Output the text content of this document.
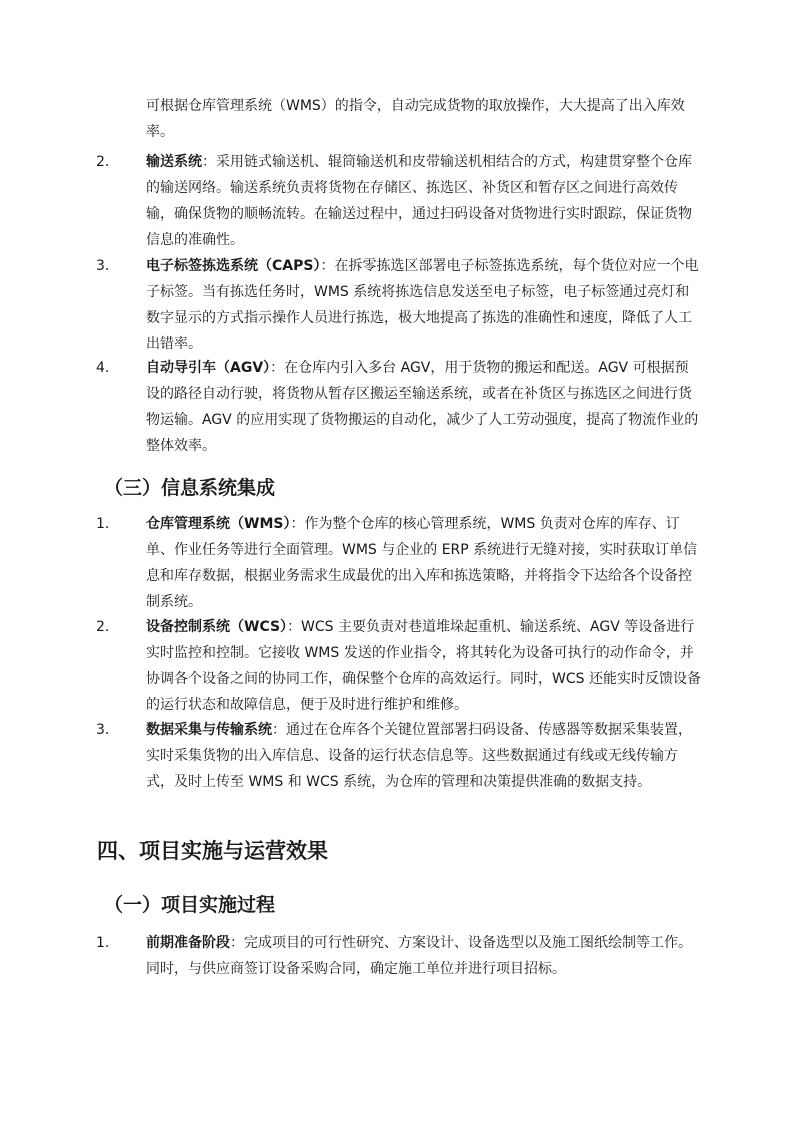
可根据仓库管理系统（WMS）的指令，自动完成货物的取放操作，大大提高了出入库效率。

2.	输送系统：采用链式输送机、辊筒输送机和皮带输送机相结合的方式，构建贯穿整个仓库的输送网络。输送系统负责将货物在存储区、拣选区、补货区和暂存区之间进行高效传输，确保货物的顺畅流转。在输送过程中，通过扫码设备对货物进行实时跟踪，保证货物信息的准确性。

3.	电子标签拣选系统（CAPS）：在拆零拣选区部署电子标签拣选系统，每个货位对应一个电子标签。当有拣选任务时，WMS 系统将拣选信息发送至电子标签，电子标签通过亮灯和数字显示的方式指示操作人员进行拣选，极大地提高了拣选的准确性和速度，降低了人工出错率。

4.	自动导引车（AGV）：在仓库内引入多台 AGV，用于货物的搬运和配送。AGV 可根据预设的路径自动行驶，将货物从暂存区搬运至输送系统，或者在补货区与拣选区之间进行货物运输。AGV 的应用实现了货物搬运的自动化，减少了人工劳动强度，提高了物流作业的整体效率。

（三）信息系统集成

1.	仓库管理系统（WMS）：作为整个仓库的核心管理系统，WMS 负责对仓库的库存、订单、作业任务等进行全面管理。WMS 与企业的 ERP 系统进行无缝对接，实时获取订单信息和库存数据，根据业务需求生成最优的出入库和拣选策略，并将指令下达给各个设备控制系统。

2.	设备控制系统（WCS）：WCS 主要负责对巷道堆垛起重机、输送系统、AGV 等设备进行实时监控和控制。它接收 WMS 发送的作业指令，将其转化为设备可执行的动作命令，并协调各个设备之间的协同工作，确保整个仓库的高效运行。同时，WCS 还能实时反馈设备的运行状态和故障信息，便于及时进行维护和维修。

3.	数据采集与传输系统：通过在仓库各个关键位置部署扫码设备、传感器等数据采集装置，实时采集货物的出入库信息、设备的运行状态信息等。这些数据通过有线或无线传输方式，及时上传至 WMS 和 WCS 系统，为仓库的管理和决策提供准确的数据支持。

四、项目实施与运营效果
（一）项目实施过程

1.	前期准备阶段：完成项目的可行性研究、方案设计、设备选型以及施工图纸绘制等工作。同时，与供应商签订设备采购合同，确定施工单位并进行项目招标。
